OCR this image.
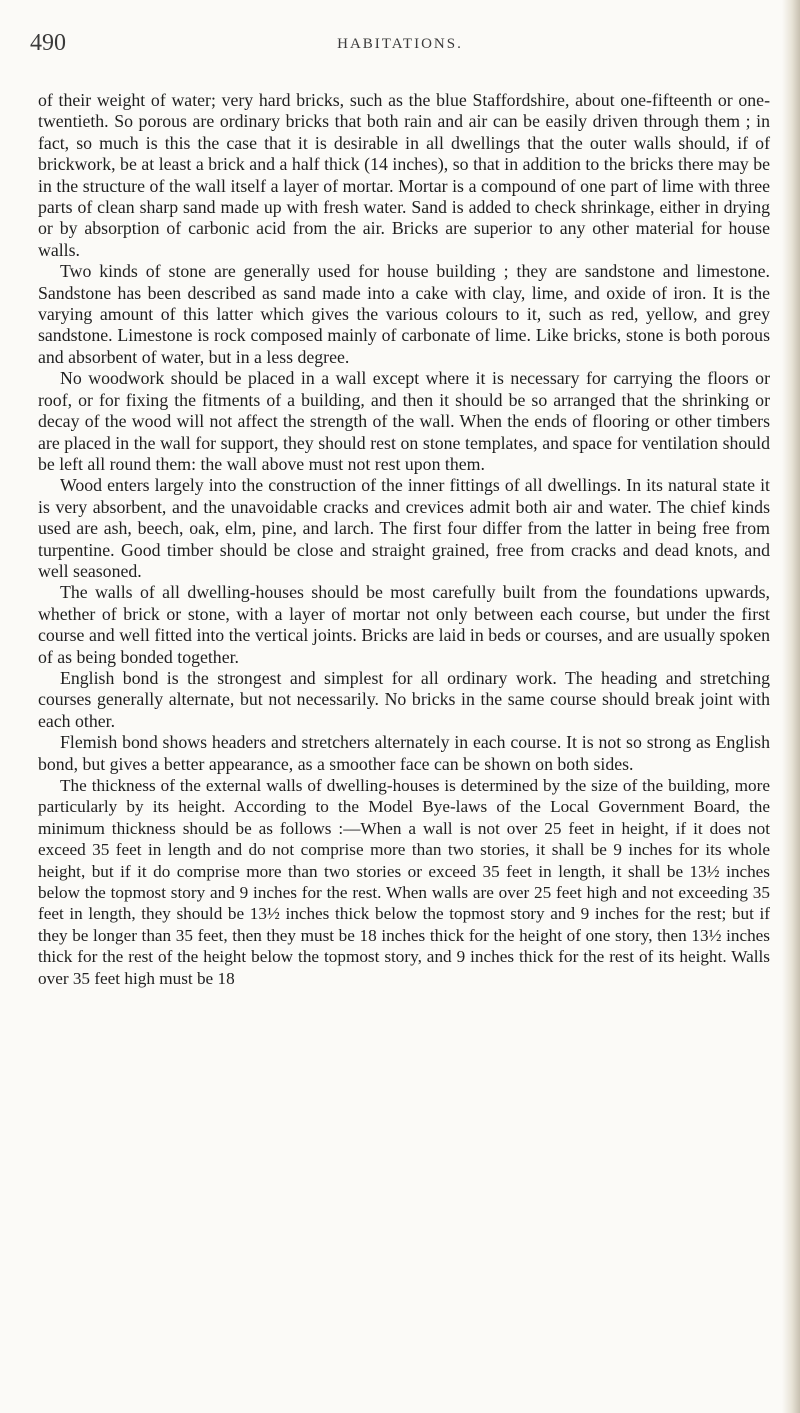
490	HABITATIONS.

of their weight of water; very hard bricks, such as the blue Staffordshire, about one-fifteenth or one-twentieth. So porous are ordinary bricks that both rain and air can be easily driven through them ; in fact, so much is this the case that it is desirable in all dwellings that the outer walls should, if of brickwork, be at least a brick and a half thick (14 inches), so that in addition to the bricks there may be in the structure of the wall itself a layer of mortar. Mortar is a compound of one part of lime with three parts of clean sharp sand made up with fresh water. Sand is added to check shrinkage, either in drying or by absorption of carbonic acid from the air. Bricks are superior to any other material for house walls.

Two kinds of stone are generally used for house building ; they are sandstone and limestone. Sandstone has been described as sand made into a cake with clay, lime, and oxide of iron. It is the varying amount of this latter which gives the various colours to it, such as red, yellow, and grey sandstone. Limestone is rock composed mainly of carbonate of lime. Like bricks, stone is both porous and absorbent of water, but in a less degree.

No woodwork should be placed in a wall except where it is necessary for carrying the floors or roof, or for fixing the fitments of a building, and then it should be so arranged that the shrinking or decay of the wood will not affect the strength of the wall. When the ends of flooring or other timbers are placed in the wall for support, they should rest on stone templates, and space for ventilation should be left all round them: the wall above must not rest upon them.

Wood enters largely into the construction of the inner fittings of all dwellings. In its natural state it is very absorbent, and the unavoidable cracks and crevices admit both air and water. The chief kinds used are ash, beech, oak, elm, pine, and larch. The first four differ from the latter in being free from turpentine. Good timber should be close and straight grained, free from cracks and dead knots, and well seasoned.

The walls of all dwelling-houses should be most carefully built from the foundations upwards, whether of brick or stone, with a layer of mortar not only between each course, but under the first course and well fitted into the vertical joints. Bricks are laid in beds or courses, and are usually spoken of as being bonded together.

English bond is the strongest and simplest for all ordinary work. The heading and stretching courses generally alternate, but not necessarily. No bricks in the same course should break joint with each other.

Flemish bond shows headers and stretchers alternately in each course. It is not so strong as English bond, but gives a better appearance, as a smoother face can be shown on both sides.

The thickness of the external walls of dwelling-houses is determined by the size of the building, more particularly by its height. According to the Model Bye-laws of the Local Government Board, the minimum thickness should be as follows :—When a wall is not over 25 feet in height, if it does not exceed 35 feet in length and do not comprise more than two stories, it shall be 9 inches for its whole height, but if it do comprise more than two stories or exceed 35 feet in length, it shall be 13½ inches below the topmost story and 9 inches for the rest. When walls are over 25 feet high and not exceeding 35 feet in length, they should be 13½ inches thick below the topmost story and 9 inches for the rest; but if they be longer than 35 feet, then they must be 18 inches thick for the height of one story, then 13½ inches thick for the rest of the height below the topmost story, and 9 inches thick for the rest of its height. Walls over 35 feet high must be 18
